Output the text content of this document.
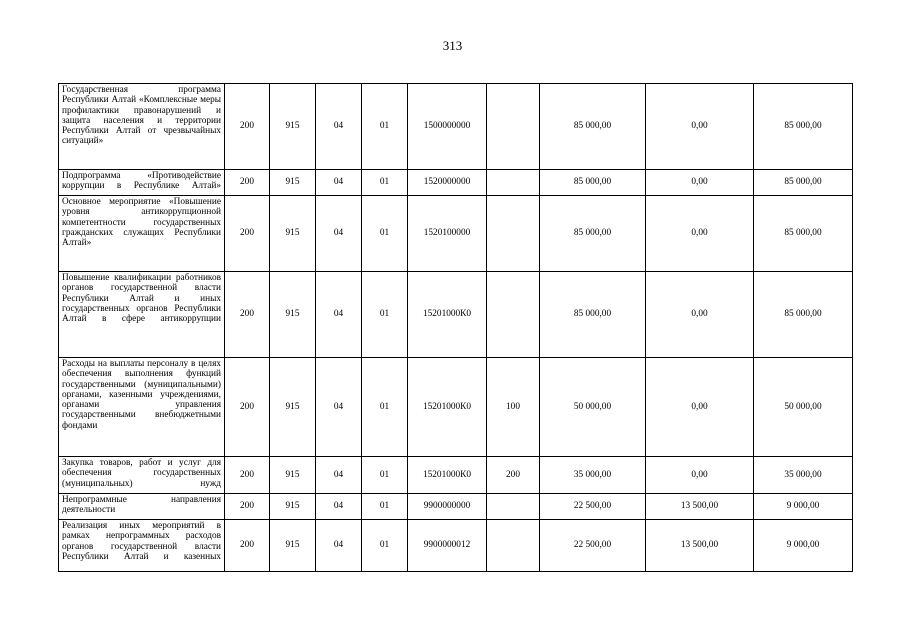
313
Государственная программа Республики Алтай «Комплексные меры профилактики правонарушений и защита населения и территории Республики Алтай от чрезвычайных ситуаций»	200	915	04	01	1500000000		85 000,00	0,00	85 000,00

Подпрограмма «Противодействие коррупции в Республике Алтай»	200	915	04	01	1520000000		85 000,00	0,00	85 000,00

Основное мероприятие «Повышение уровня антикоррупционной компетентности государственных гражданских служащих Республики Алтай»	200	915	04	01	1520100000		85 000,00	0,00	85 000,00

Повышение квалификации работников органов государственной власти Республики Алтай и иных государственных органов Республики Алтай в сфере антикоррупции	200	915	04	01	15201000К0		85 000,00	0,00	85 000,00

Расходы на выплаты персоналу в целях обеспечения выполнения функций государственными (муниципальными) органами, казенными учреждениями, органами управления государственными внебюджетными фондами	200	915	04	01	15201000К0	100	50 000,00	0,00	50 000,00

Закупка товаров, работ и услуг для обеспечения государственных (муниципальных) нужд	200	915	04	01	15201000К0	200	35 000,00	0,00	35 000,00

Непрограммные направления деятельности	200	915	04	01	9900000000		22 500,00	13 500,00	9 000,00

Реализация иных мероприятий в рамках непрограммных расходов органов государственной власти Республики Алтай и казенных	200	915	04	01	9900000012		22 500,00	13 500,00	9 000,00
